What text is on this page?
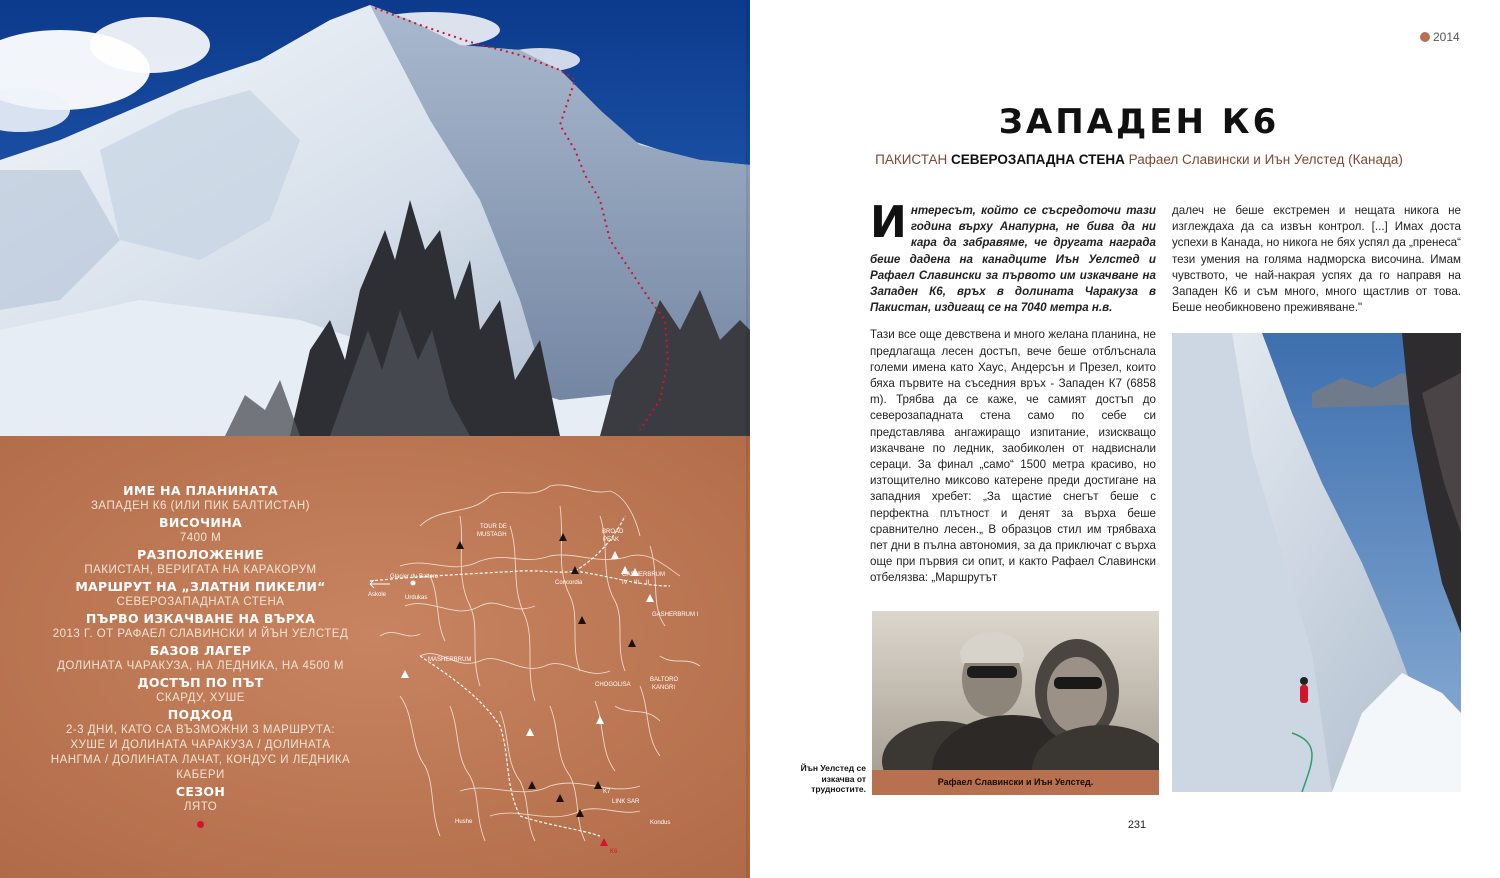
ИМЕ НА ПЛАНИНАТА

ЗАПАДЕН К6 (ИЛИ ПИК БАЛТИСТАН)

ВИСОЧИНА

7400 М

РАЗПОЛОЖЕНИЕ

ПАКИСТАН, ВЕРИГАТА НА КАРАКОРУМ

МАРШРУТ НА „ЗЛАТНИ ПИКЕЛИ“

СЕВЕРОЗАПАДНАТА СТЕНА

ПЪРВО ИЗКАЧВАНЕ НА ВЪРХА

2013 Г. ОТ РАФАЕЛ СЛАВИНСКИ И ЙЪН УЕЛСТЕД

БАЗОВ ЛАГЕР

ДОЛИНАТА ЧАРАКУЗА, НА ЛЕДНИКА, НА 4500 М

ДОСТЪП ПО ПЪТ

СКАРДУ, ХУШЕ

ПОДХОД

2-3 ДНИ, КАТО СА ВЪЗМОЖНИ 3 МАРШРУТА: ХУШЕ И ДОЛИНАТА ЧАРАКУЗА / ДОЛИНАТА НАНГМА / ДОЛИНАТА ЛАЧАТ, КОНДУС И ЛЕДНИКА КАБЕРИ

СЕЗОН

ЛЯТО

TOUR DE
MUSTAGH	BROAD
PEAK
GASHERBRUM
IV III II
GASHERBRUM I
Askole
Glacier du Baltoro
Concordia
Urdukas
MASHERBRUM
BALTORO
KANGRI
CHOGOLISA
K7
LINK SAR
Hushe	Kondus
K6
2014
ЗАПАДЕН К6
ПАКИСТАН СЕВЕРОЗАПАДНА СТЕНА Рафаел Славински и Иън Уелстед (Канада)

Интересът, който се съсредоточи тази година върху Анапурна, не бива да ни кара да забравяме, че другата награда беше дадена на канадците Иън Уелстед и Рафаел Славински за първото им изкачване на Западен К6, връх в долината Чаракуза в Пакистан, издигащ се на 7040 метра н.в.

Тази все още девствена и много желана планина, не предлагаща лесен достъп, вече беше отблъснала големи имена като Хаус, Андерсън и Презел, които бяха първите на съседния връх - Западен К7 (6858 m). Трябва да се каже, че самият достъп до северозападната стена само по себе си представлява ангажиращо изпитание, изискващо изкачване по ледник, заобиколен от надвиснали сераци. За финал „само“ 1500 метра красиво, но изтощително миксово катерене преди достигане на западния хребет: „За щастие снегът беше с перфектна плътност и денят за върха беше сравнително лесен.„ В образцов стил им трябваха пет дни в пълна автономия, за да приключат с върха още при първия си опит, и както Рафаел Славински отбелязва: „Маршрутът

далеч не беше екстремен и нещата никога не изглеждаха да са извън контрол. [...] Имах доста успехи в Канада, но никога не бях успял да „пренеса“ тези умения на голяма надморска височина. Имам чувството, че най-накрая успях да го направя на Западен К6 и съм много, много щастлив от това. Беше необикновено преживяване."

Рафаел Славински и Иън Уелстед.
Йън Уелстед се изкачва от трудностите.
231
